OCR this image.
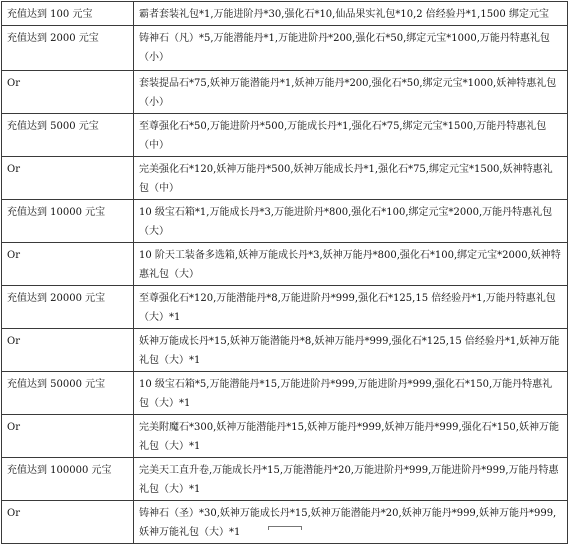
充值达到 100 元宝	霸者套装礼包*1,万能进阶丹*30,强化石*10,仙品果实礼包*10,2 倍经验丹*1,1500 绑定元宝
充值达到 2000 元宝	铸神石（凡）*5,万能潜能丹*1,万能进阶丹*200,强化石*50,绑定元宝*1000,万能丹特惠礼包（小）
Or	套装提品石*75,妖神万能潜能丹*1,妖神万能丹*200,强化石*50,绑定元宝*1000,妖神特惠礼包（小）
充值达到 5000 元宝	至尊强化石*50,万能进阶丹*500,万能成长丹*1,强化石*75,绑定元宝*1500,万能丹特惠礼包（中）
Or	完美强化石*120,妖神万能丹*500,妖神万能成长丹*1,强化石*75,绑定元宝*1500,妖神特惠礼包（中）
充值达到 10000 元宝	10 级宝石箱*1,万能成长丹*3,万能进阶丹*800,强化石*100,绑定元宝*2000,万能丹特惠礼包（大）
Or	10 阶天工装备多选箱,妖神万能成长丹*3,妖神万能丹*800,强化石*100,绑定元宝*2000,妖神特惠礼包（大）
充值达到 20000 元宝	至尊强化石*120,万能潜能丹*8,万能进阶丹*999,强化石*125,15 倍经验丹*1,万能丹特惠礼包（大）*1
Or	妖神万能成长丹*15,妖神万能潜能丹*8,妖神万能丹*999,强化石*125,15 倍经验丹*1,妖神万能礼包（大）*1
充值达到 50000 元宝	10 级宝石箱*5,万能潜能丹*15,万能进阶丹*999,万能进阶丹*999,强化石*150,万能丹特惠礼包（大）*1
Or	完美附魔石*300,妖神万能潜能丹*15,妖神万能丹*999,妖神万能丹*999,强化石*150,妖神万能礼包（大）*1
充值达到 100000 元宝	完美天工直升卷,万能成长丹*15,万能潜能丹*20,万能进阶丹*999,万能进阶丹*999,万能丹特惠礼包（大）*1
Or	铸神石（圣）*30,妖神万能成长丹*15,妖神万能潜能丹*20,妖神万能丹*999,妖神万能丹*999,妖神万能礼包（大）*1
